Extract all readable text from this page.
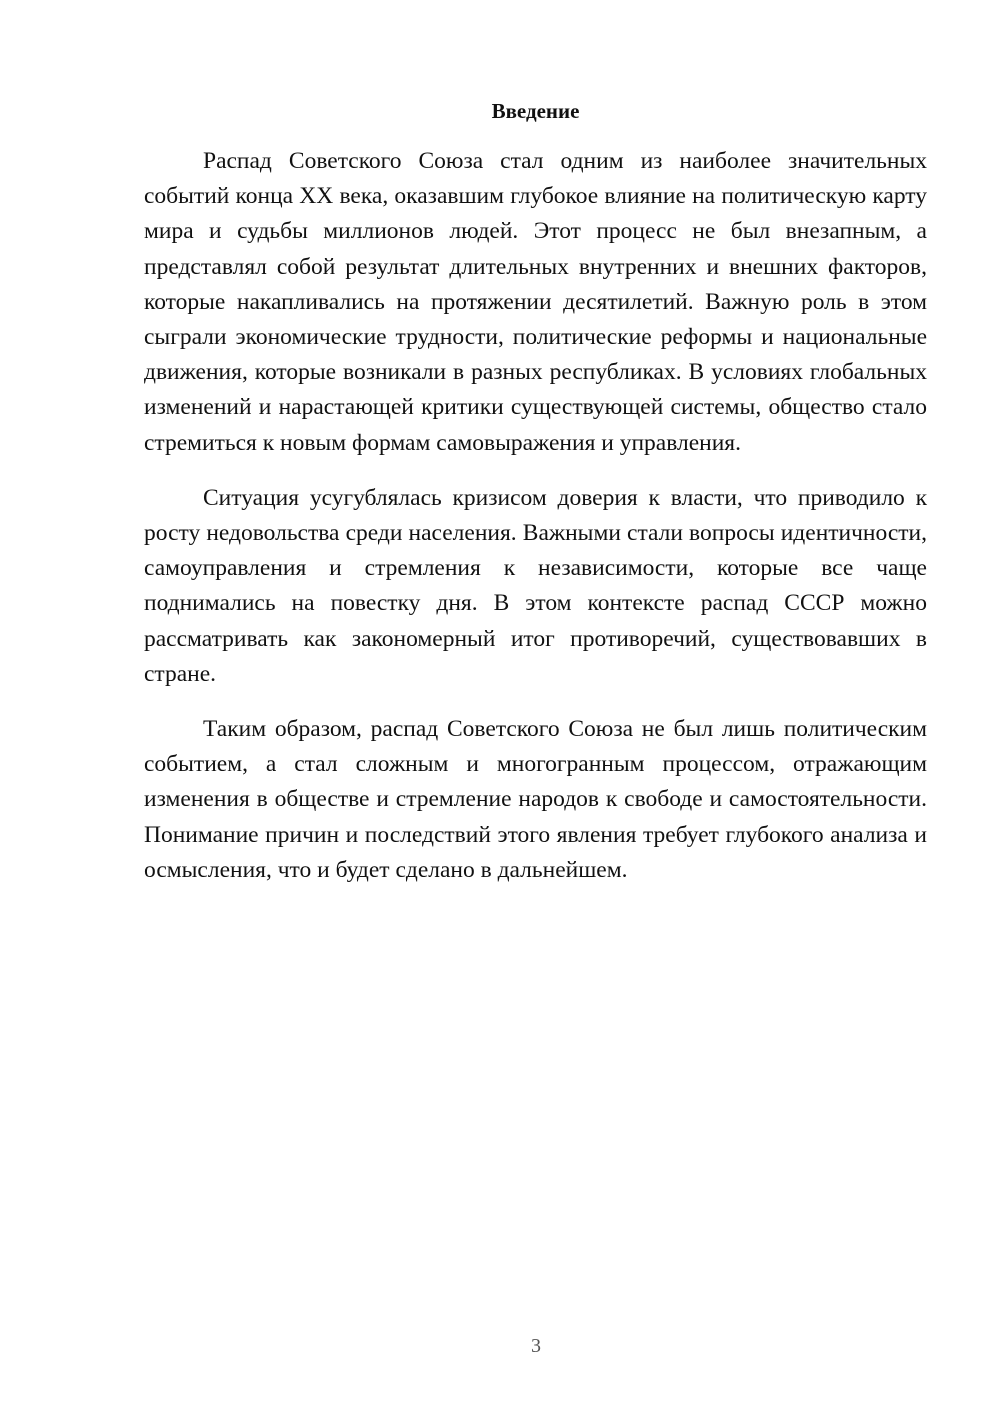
Введение

Распад Советского Союза стал одним из наиболее значительных событий конца XX века, оказавшим глубокое влияние на политическую карту мира и судьбы миллионов людей. Этот процесс не был внезапным, а представлял собой результат длительных внутренних и внешних факторов, которые накапливались на протяжении десятилетий. Важную роль в этом сыграли экономические трудности, политические реформы и национальные движения, которые возникали в разных республиках. В условиях глобальных изменений и нарастающей критики существующей системы, общество стало стремиться к новым формам самовыражения и управления.

Ситуация усугублялась кризисом доверия к власти, что приводило к росту недовольства среди населения. Важными стали вопросы идентичности, самоуправления и стремления к независимости, которые все чаще поднимались на повестку дня. В этом контексте распад СССР можно рассматривать как закономерный итог противоречий, существовавших в стране.

Таким образом, распад Советского Союза не был лишь политическим событием, а стал сложным и многогранным процессом, отражающим изменения в обществе и стремление народов к свободе и самостоятельности. Понимание причин и последствий этого явления требует глубокого анализа и осмысления, что и будет сделано в дальнейшем.

3
